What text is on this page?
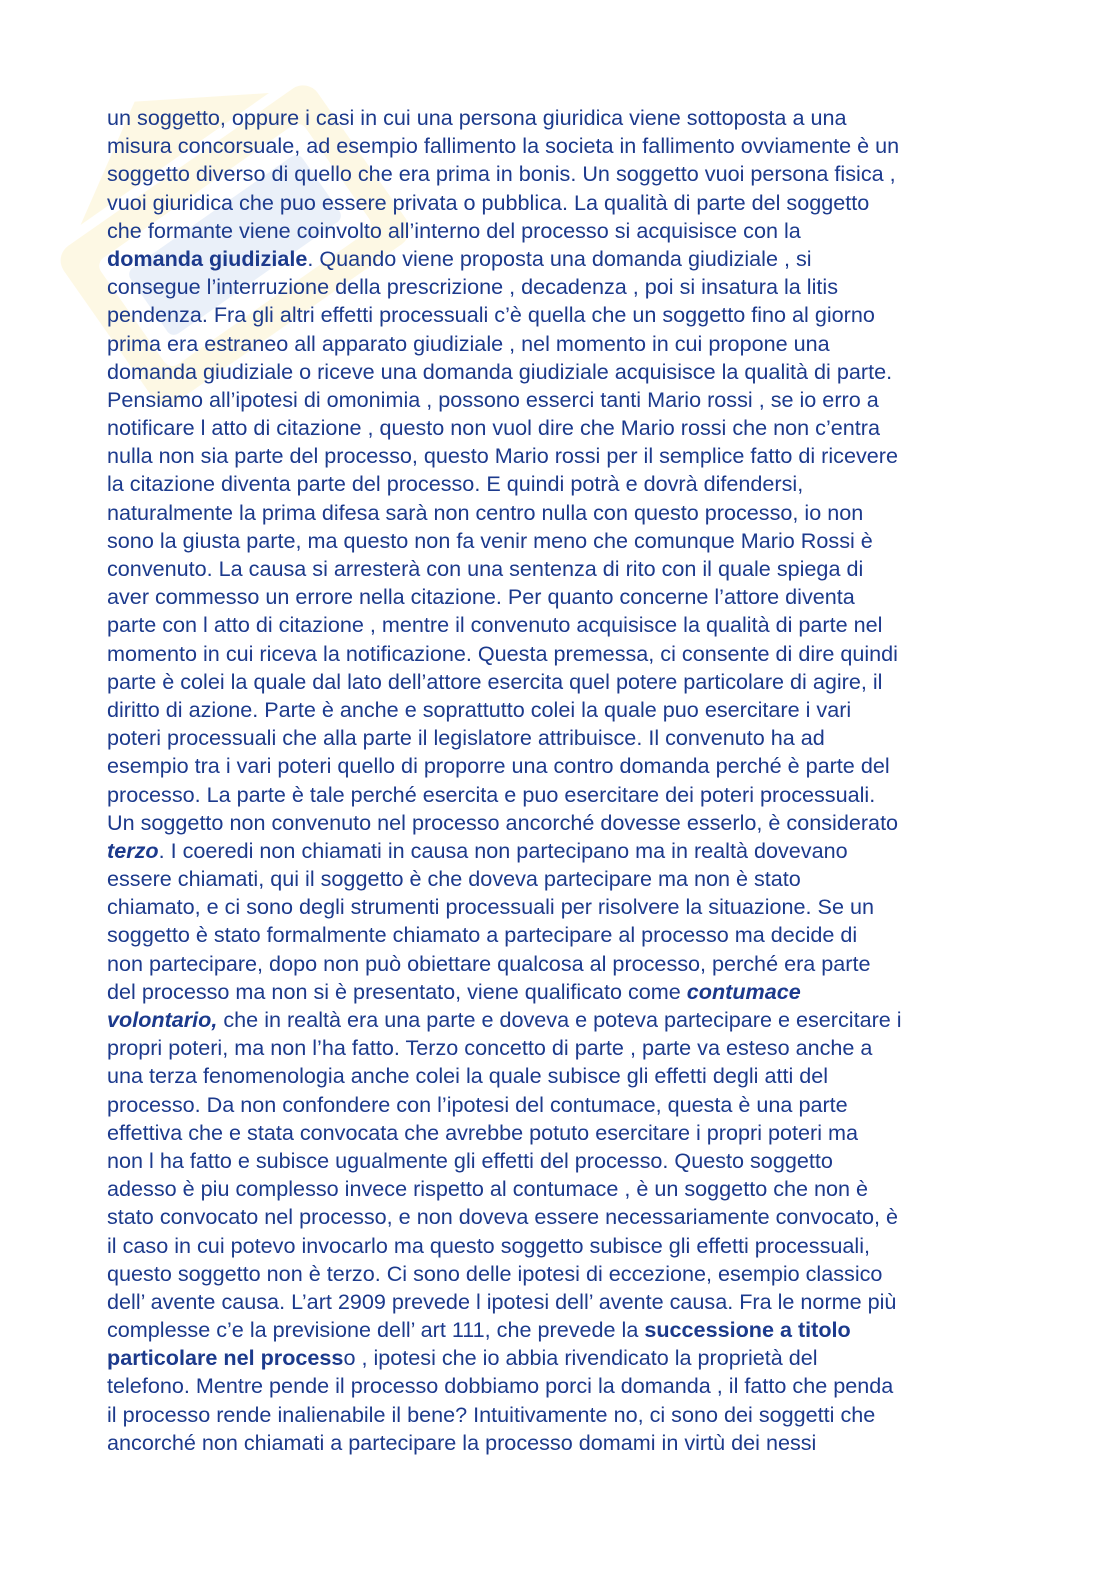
un soggetto, oppure i casi in cui una persona giuridica viene sottoposta a una
misura concorsuale, ad esempio fallimento la societa in fallimento ovviamente è un
soggetto diverso di quello che era prima in bonis. Un soggetto vuoi persona fisica ,
vuoi giuridica che puo essere privata o pubblica. La qualità di parte del soggetto
che formante viene coinvolto all’interno del processo si acquisisce con la
domanda giudiziale. Quando viene proposta una domanda giudiziale , si
consegue l’interruzione della prescrizione , decadenza , poi si insatura la litis
pendenza. Fra gli altri effetti processuali c’è quella che un soggetto fino al giorno
prima era estraneo all apparato giudiziale , nel momento in cui propone una
domanda giudiziale o riceve una domanda giudiziale acquisisce la qualità di parte.
Pensiamo all’ipotesi di omonimia , possono esserci tanti Mario rossi , se io erro a
notificare l atto di citazione , questo non vuol dire che Mario rossi che non c’entra
nulla non sia parte del processo, questo Mario rossi per il semplice fatto di ricevere
la citazione diventa parte del processo. E quindi potrà e dovrà difendersi,
naturalmente la prima difesa sarà non centro nulla con questo processo, io non
sono la giusta parte, ma questo non fa venir meno che comunque Mario Rossi è
convenuto. La causa si arresterà con una sentenza di rito con il quale spiega di
aver commesso un errore nella citazione. Per quanto concerne l’attore diventa
parte con l atto di citazione , mentre il convenuto acquisisce la qualità di parte nel
momento in cui riceva la notificazione. Questa premessa, ci consente di dire quindi
parte è colei la quale dal lato dell’attore esercita quel potere particolare di agire, il
diritto di azione. Parte è anche e soprattutto colei la quale puo esercitare i vari
poteri processuali che alla parte il legislatore attribuisce. Il convenuto ha ad
esempio tra i vari poteri quello di proporre una contro domanda perché è parte del
processo. La parte è tale perché esercita e puo esercitare dei poteri processuali.
Un soggetto non convenuto nel processo ancorché dovesse esserlo, è considerato
terzo. I coeredi non chiamati in causa non partecipano ma in realtà dovevano
essere chiamati, qui il soggetto è che doveva partecipare ma non è stato
chiamato, e ci sono degli strumenti processuali per risolvere la situazione. Se un
soggetto è stato formalmente chiamato a partecipare al processo ma decide di
non partecipare, dopo non può obiettare qualcosa al processo, perché era parte
del processo ma non si è presentato, viene qualificato come contumace
volontario, che in realtà era una parte e doveva e poteva partecipare e esercitare i
propri poteri, ma non l’ha fatto. Terzo concetto di parte , parte va esteso anche a
una terza fenomenologia anche colei la quale subisce gli effetti degli atti del
processo. Da non confondere con l’ipotesi del contumace, questa è una parte
effettiva che e stata convocata che avrebbe potuto esercitare i propri poteri ma
non l ha fatto e subisce ugualmente gli effetti del processo. Questo soggetto
adesso è piu complesso invece rispetto al contumace , è un soggetto che non è
stato convocato nel processo, e non doveva essere necessariamente convocato, è
il caso in cui potevo invocarlo ma questo soggetto subisce gli effetti processuali,
questo soggetto non è terzo. Ci sono delle ipotesi di eccezione, esempio classico
dell’ avente causa. L’art 2909 prevede l ipotesi dell’ avente causa. Fra le norme più
complesse c’e la previsione dell’ art 111, che prevede la successione a titolo
particolare nel processo , ipotesi che io abbia rivendicato la proprietà del
telefono. Mentre pende il processo dobbiamo porci la domanda , il fatto che penda
il processo rende inalienabile il bene? Intuitivamente no, ci sono dei soggetti che
ancorché non chiamati a partecipare la processo domami in virtù dei nessi
